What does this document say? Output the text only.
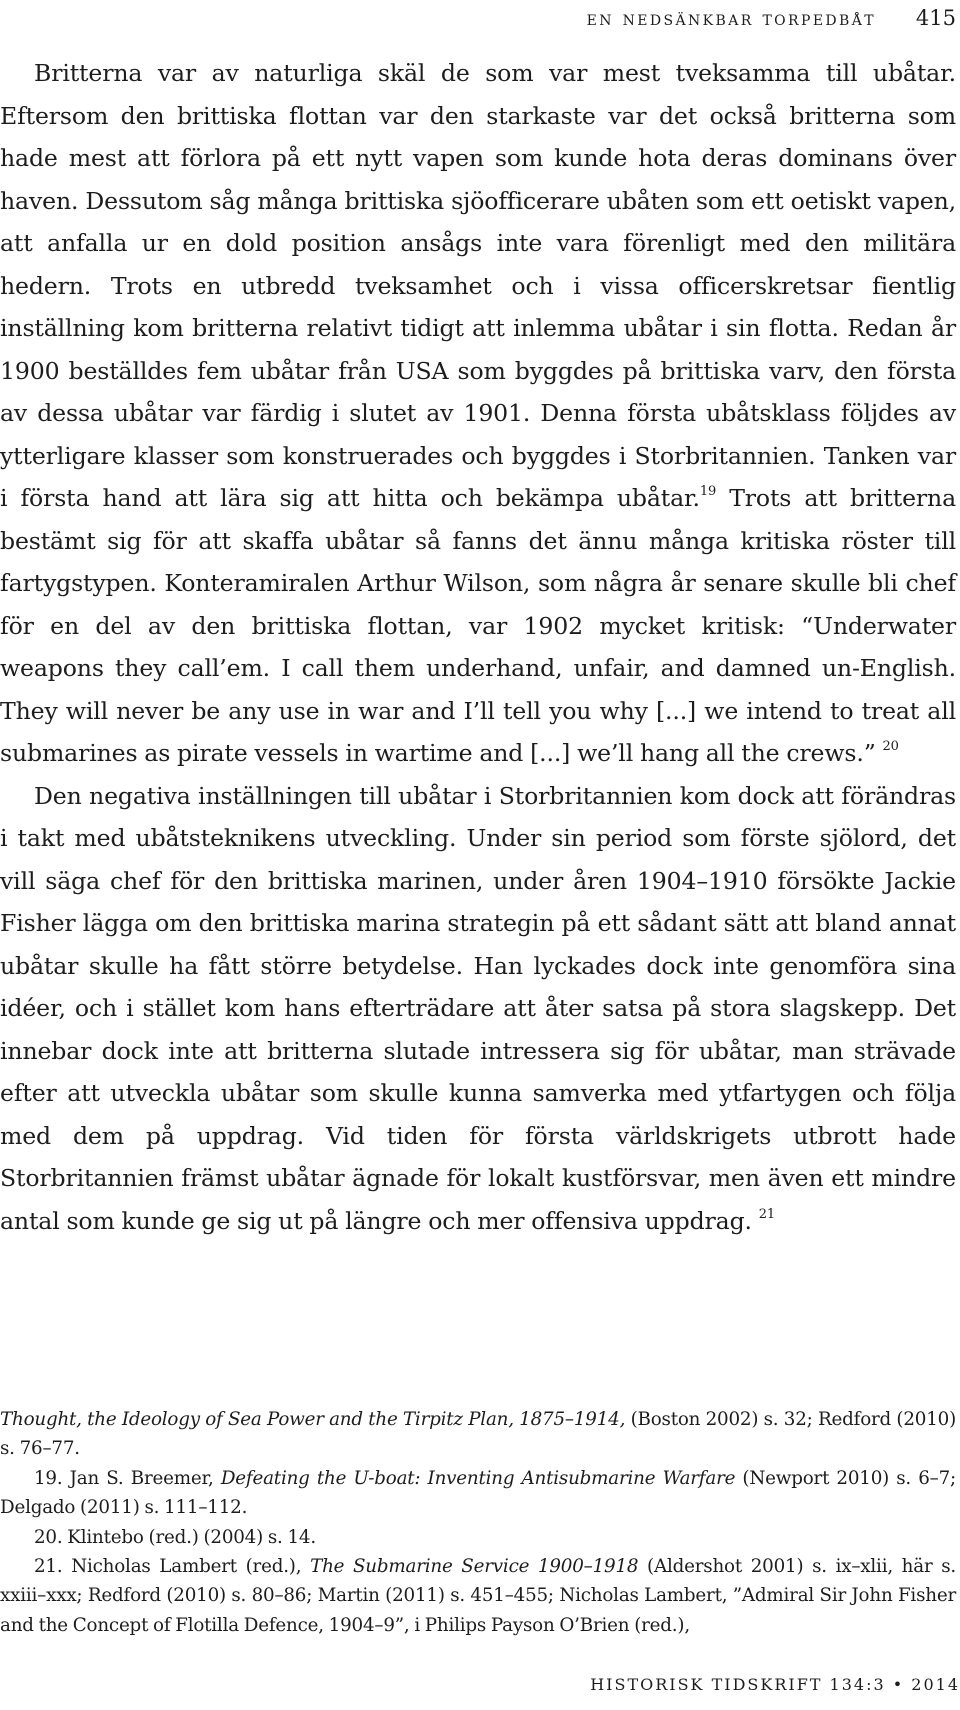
en nedsänkbar torpedbåt 415

Britterna var av naturliga skäl de som var mest tveksamma till ubåtar. Eftersom den brittiska flottan var den starkaste var det också britterna som hade mest att förlora på ett nytt vapen som kunde hota deras dominans över haven. Dessutom såg många brittiska sjöofficerare ubåten som ett oetiskt vapen, att anfalla ur en dold position ansågs inte vara förenligt med den militära hedern. Trots en utbredd tveksamhet och i vissa officerskretsar fientlig inställning kom britterna relativt tidigt att inlemma ubåtar i sin flotta. Redan år 1900 beställdes fem ubåtar från USA som byggdes på brittiska varv, den första av dessa ubåtar var färdig i slutet av 1901. Denna första ubåtsklass följdes av ytterligare klasser som konstruerades och byggdes i Storbritannien. Tanken var i första hand att lära sig att hitta och bekämpa ubåtar.$^{19}$ Trots att britterna bestämt sig för att skaffa ubåtar så fanns det ännu många kritiska röster till fartygstypen. Konteramiralen Arthur Wilson, som några år senare skulle bli chef för en del av den brittiska flottan, var 1902 mycket kritisk: “Underwater weapons they call’em. I call them underhand, unfair, and damned un-English. They will never be any use in war and I’ll tell you why [...] we intend to treat all submarines as pirate vessels in wartime and [...] we’ll hang all the crews.” $^{20}$

Den negativa inställningen till ubåtar i Storbritannien kom dock att förändras i takt med ubåtsteknikens utveckling. Under sin period som förste sjölord, det vill säga chef för den brittiska marinen, under åren 1904–1910 försökte Jackie Fisher lägga om den brittiska marina strategin på ett sådant sätt att bland annat ubåtar skulle ha fått större betydelse. Han lyckades dock inte genomföra sina idéer, och i stället kom hans efterträdare att åter satsa på stora slagskepp. Det innebar dock inte att britterna slutade intressera sig för ubåtar, man strävade efter att utveckla ubåtar som skulle kunna samverka med ytfartygen och följa med dem på uppdrag. Vid tiden för första världskrigets utbrott hade Storbritannien främst ubåtar ägnade för lokalt kustförsvar, men även ett mindre antal som kunde ge sig ut på längre och mer offensiva uppdrag. $^{21}$

Thought, the Ideology of Sea Power and the Tirpitz Plan, 1875–1914, (Boston 2002) s. 32; Redford (2010) s. 76–77.

19. Jan S. Breemer, Defeating the U-boat: Inventing Antisubmarine Warfare (Newport 2010) s. 6–7; Delgado (2011) s. 111–112.

20. Klintebo (red.) (2004) s. 14.

21. Nicholas Lambert (red.), The Submarine Service 1900–1918 (Aldershot 2001) s. ix–xlii, här s. xxiii–xxx; Redford (2010) s. 80–86; Martin (2011) s. 451–455; Nicholas Lambert, ”Admiral Sir John Fisher and the Concept of Flotilla Defence, 1904–9”, i Philips Payson O’Brien (red.),

HISTORISK TIDSKRIFT 134:3 • 2014
